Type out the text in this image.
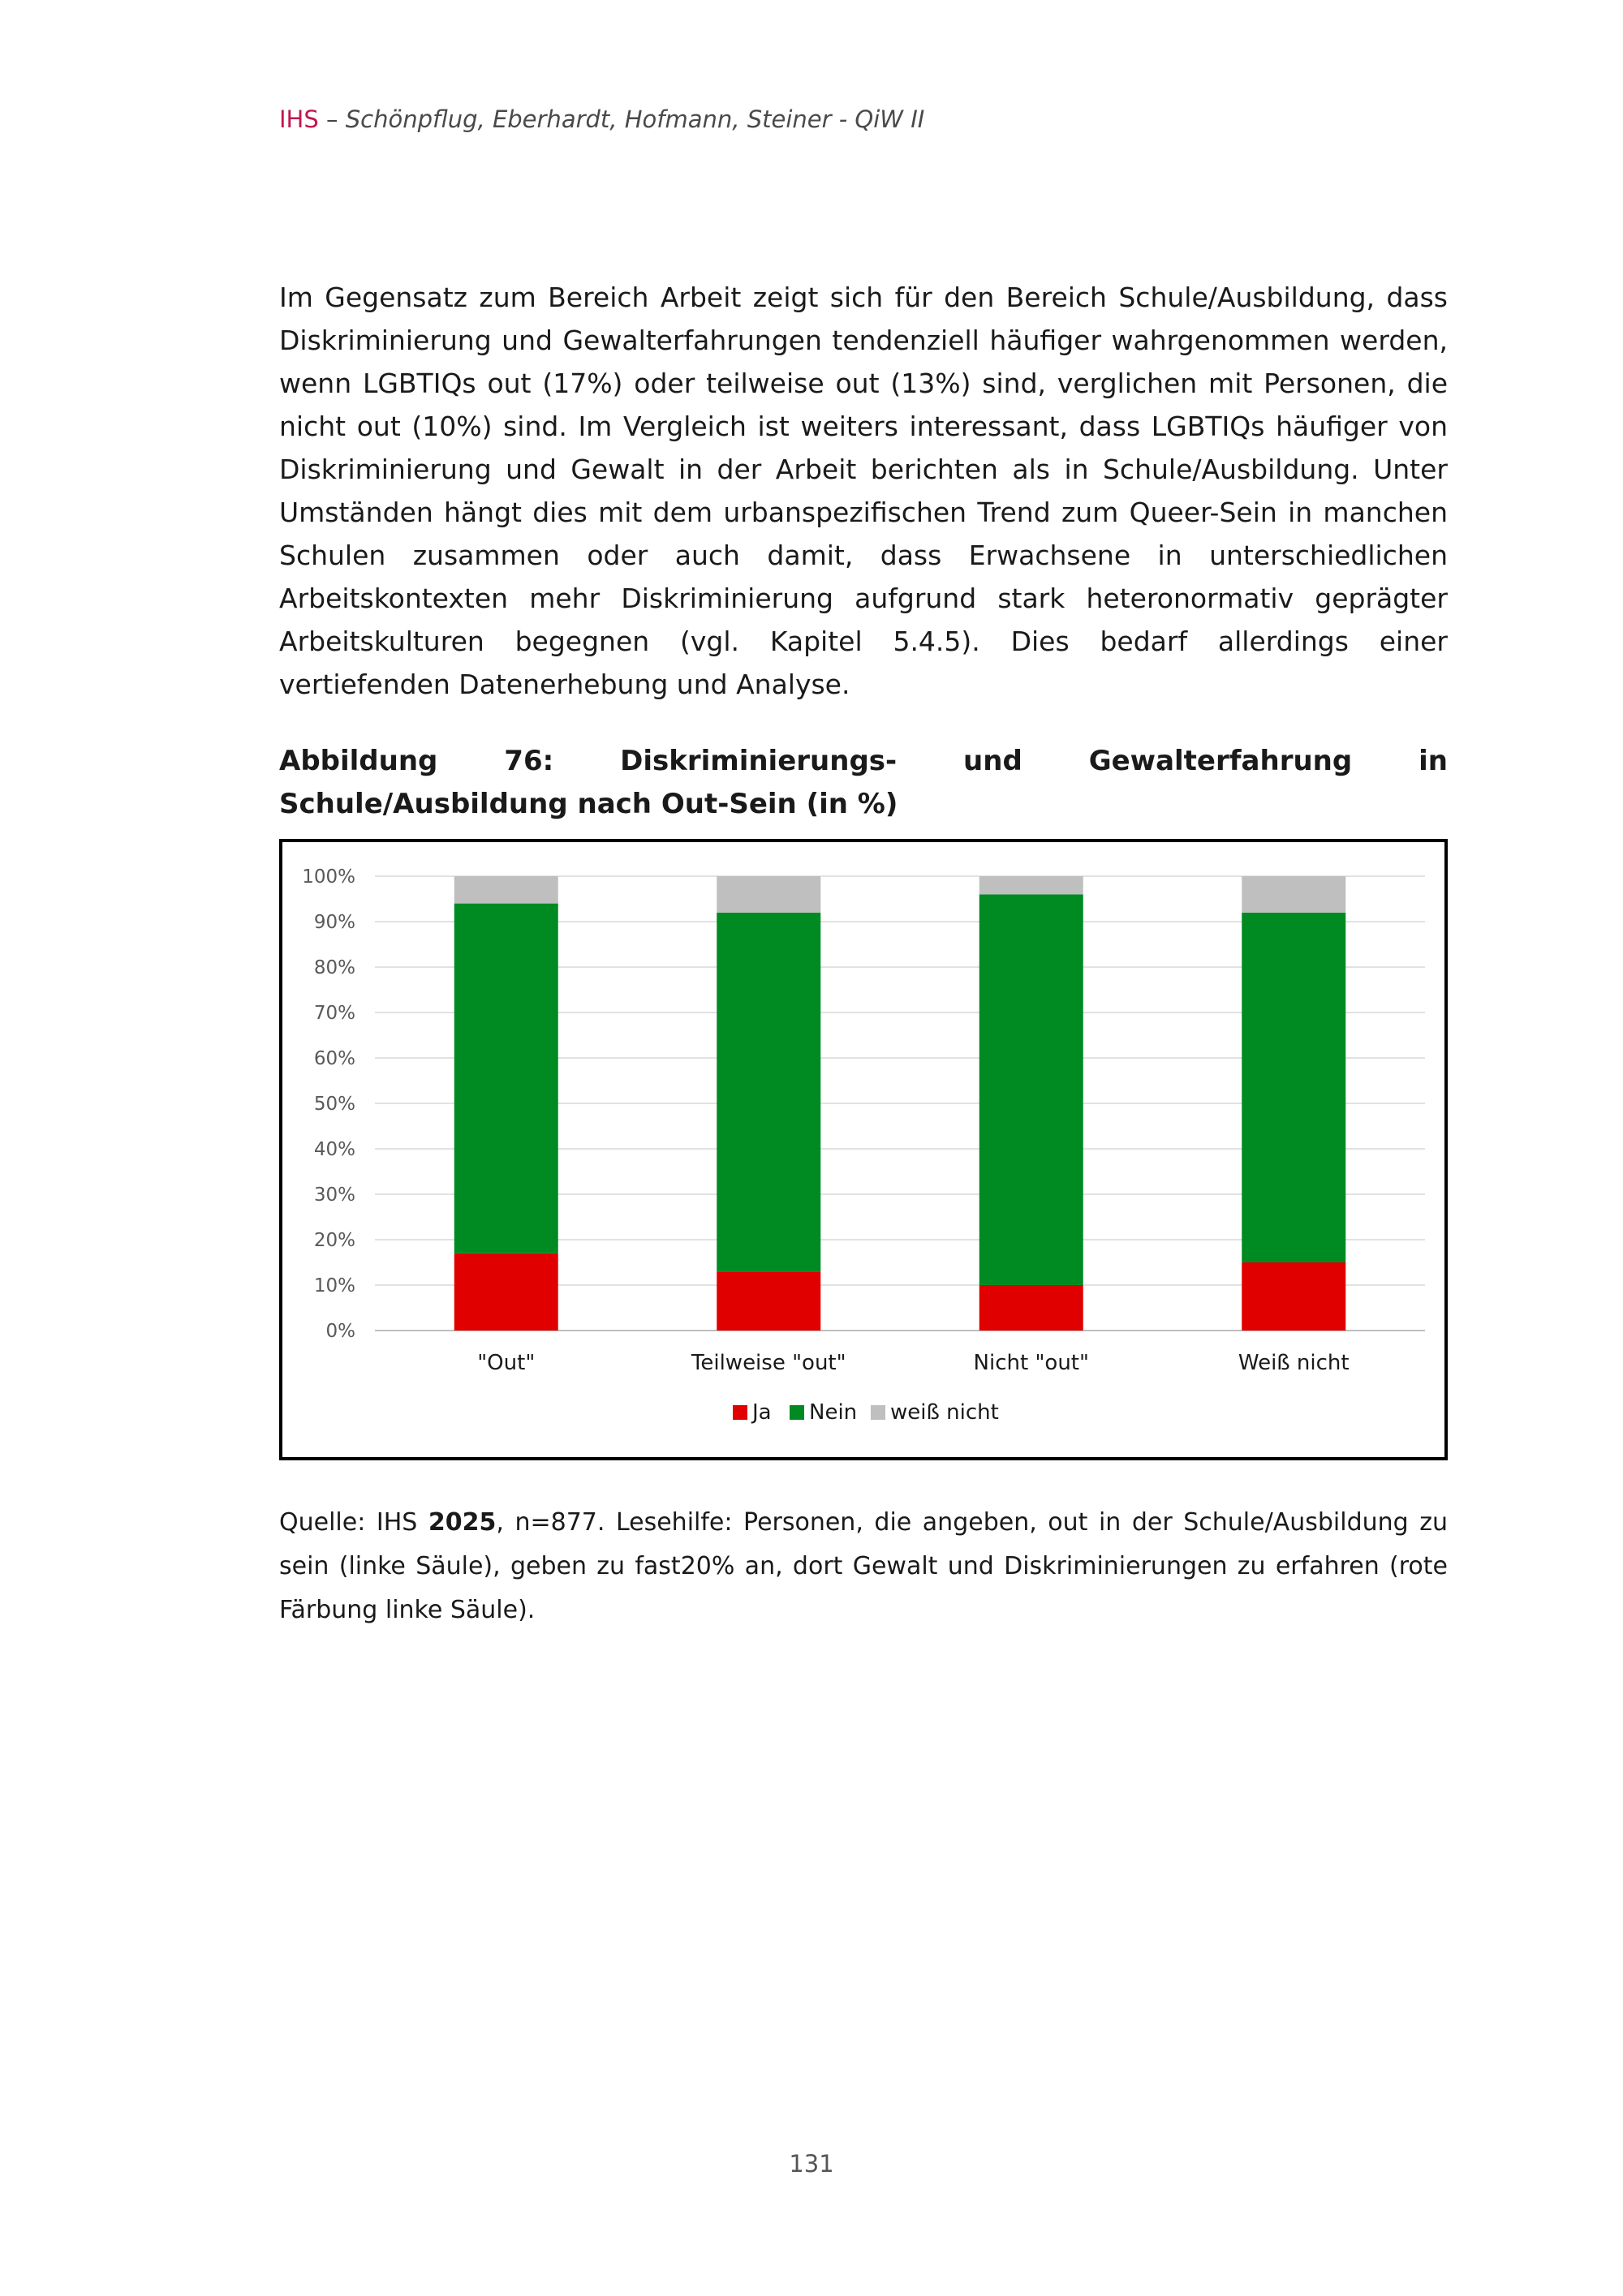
IHS – Schönpflug, Eberhardt, Hofmann, Steiner - QiW II

Im Gegensatz zum Bereich Arbeit zeigt sich für den Bereich Schule/Ausbildung, dass Diskriminierung und Gewalterfahrungen tendenziell häufiger wahrgenommen werden, wenn LGBTIQs out (17%) oder teilweise out (13%) sind, verglichen mit Personen, die nicht out (10%) sind. Im Vergleich ist weiters interessant, dass LGBTIQs häufiger von Diskriminierung und Gewalt in der Arbeit berichten als in Schule/Ausbildung. Unter Umständen hängt dies mit dem urbanspezifischen Trend zum Queer-Sein in manchen Schulen zusammen oder auch damit, dass Erwachsene in unterschiedlichen Arbeitskontexten mehr Diskriminierung aufgrund stark heteronormativ geprägter Arbeitskulturen begegnen (vgl. Kapitel 5.4.5). Dies bedarf allerdings einer vertiefenden Datenerhebung und Analyse.

Abbildung 76: Diskriminierungs- und Gewalterfahrung in Schule/Ausbildung nach Out-Sein (in %)

0%
10%
20%
30%
40%
50%
60%
70%
80%
90%
100%
"Out"	Teilweise "out"	Nicht "out"	Weiß nicht
Ja Nein weiß nicht

Quelle: IHS 2025, n=877. Lesehilfe: Personen, die angeben, out in der Schule/Ausbildung zu sein (linke Säule), geben zu fast20% an, dort Gewalt und Diskriminierungen zu erfahren (rote Färbung linke Säule).

131
